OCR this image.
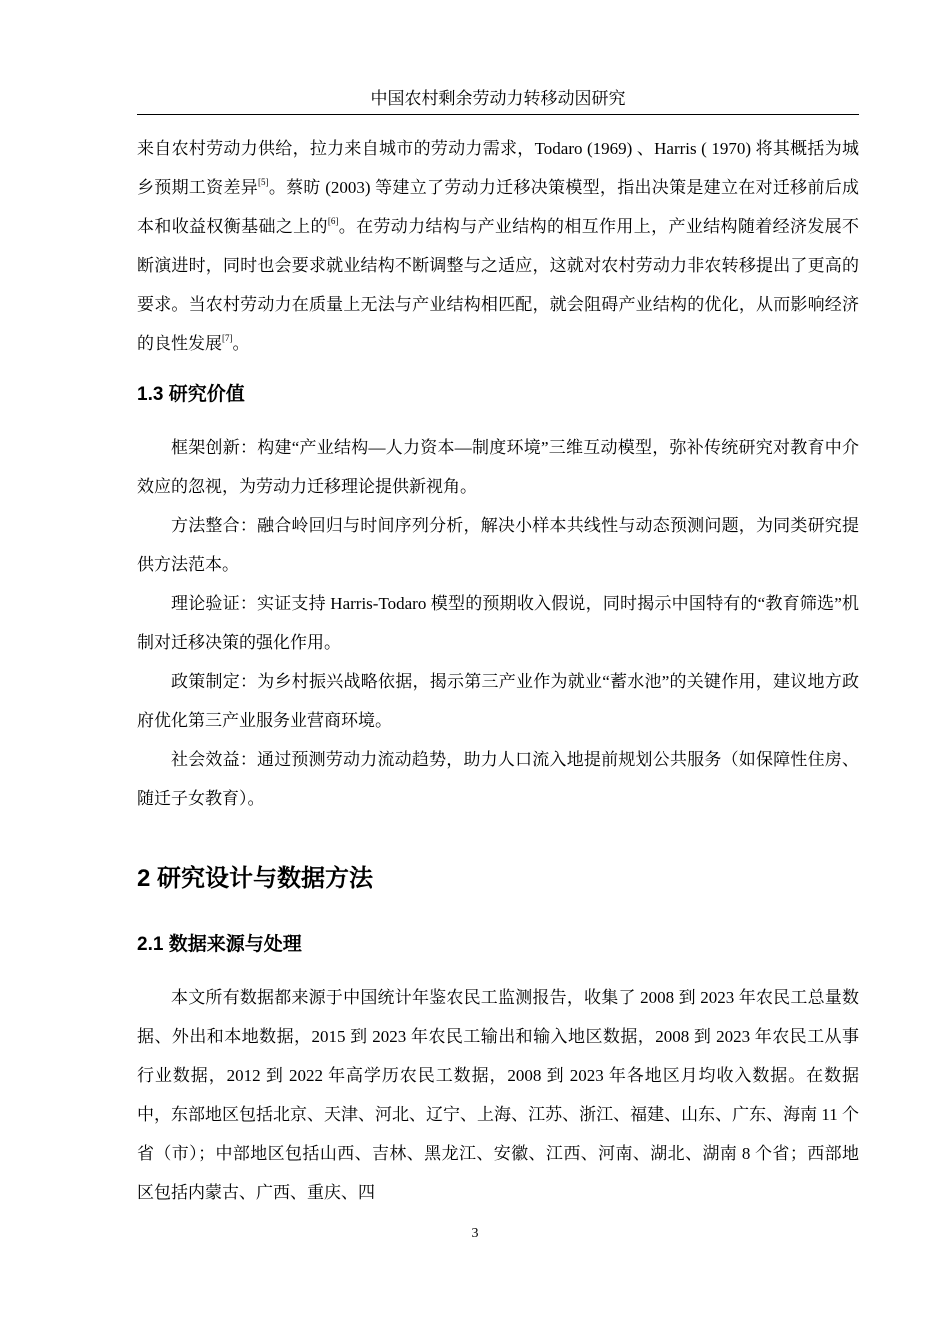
中国农村剩余劳动力转移动因研究

来自农村劳动力供给，拉力来自城市的劳动力需求，Todaro (1969) 、Harris ( 1970) 将其概括为城乡预期工资差异[5]。蔡昉 (2003) 等建立了劳动力迁移决策模型，指出决策是建立在对迁移前后成本和收益权衡基础之上的[6]。在劳动力结构与产业结构的相互作用上，产业结构随着经济发展不断演进时，同时也会要求就业结构不断调整与之适应，这就对农村劳动力非农转移提出了更高的要求。当农村劳动力在质量上无法与产业结构相匹配，就会阻碍产业结构的优化，从而影响经济的良性发展[7]。

1.3 研究价值

框架创新：构建“产业结构—人力资本—制度环境”三维互动模型，弥补传统研究对教育中介效应的忽视，为劳动力迁移理论提供新视角。

方法整合：融合岭回归与时间序列分析，解决小样本共线性与动态预测问题，为同类研究提供方法范本。

理论验证：实证支持 Harris-Todaro 模型的预期收入假说，同时揭示中国特有的“教育筛选”机制对迁移决策的强化作用。

政策制定：为乡村振兴战略依据，揭示第三产业作为就业“蓄水池”的关键作用，建议地方政府优化第三产业服务业营商环境。

社会效益：通过预测劳动力流动趋势，助力人口流入地提前规划公共服务（如保障性住房、随迁子女教育）。

2 研究设计与数据方法
2.1 数据来源与处理

本文所有数据都来源于中国统计年鉴农民工监测报告，收集了 2008 到 2023 年农民工总量数据、外出和本地数据，2015 到 2023 年农民工输出和输入地区数据，2008 到 2023 年农民工从事行业数据，2012 到 2022 年高学历农民工数据，2008 到 2023 年各地区月均收入数据。在数据中，东部地区包括北京、天津、河北、辽宁、上海、江苏、浙江、福建、山东、广东、海南 11 个省（市）；中部地区包括山西、吉林、黑龙江、安徽、江西、河南、湖北、湖南 8 个省；西部地区包括内蒙古、广西、重庆、四

3
